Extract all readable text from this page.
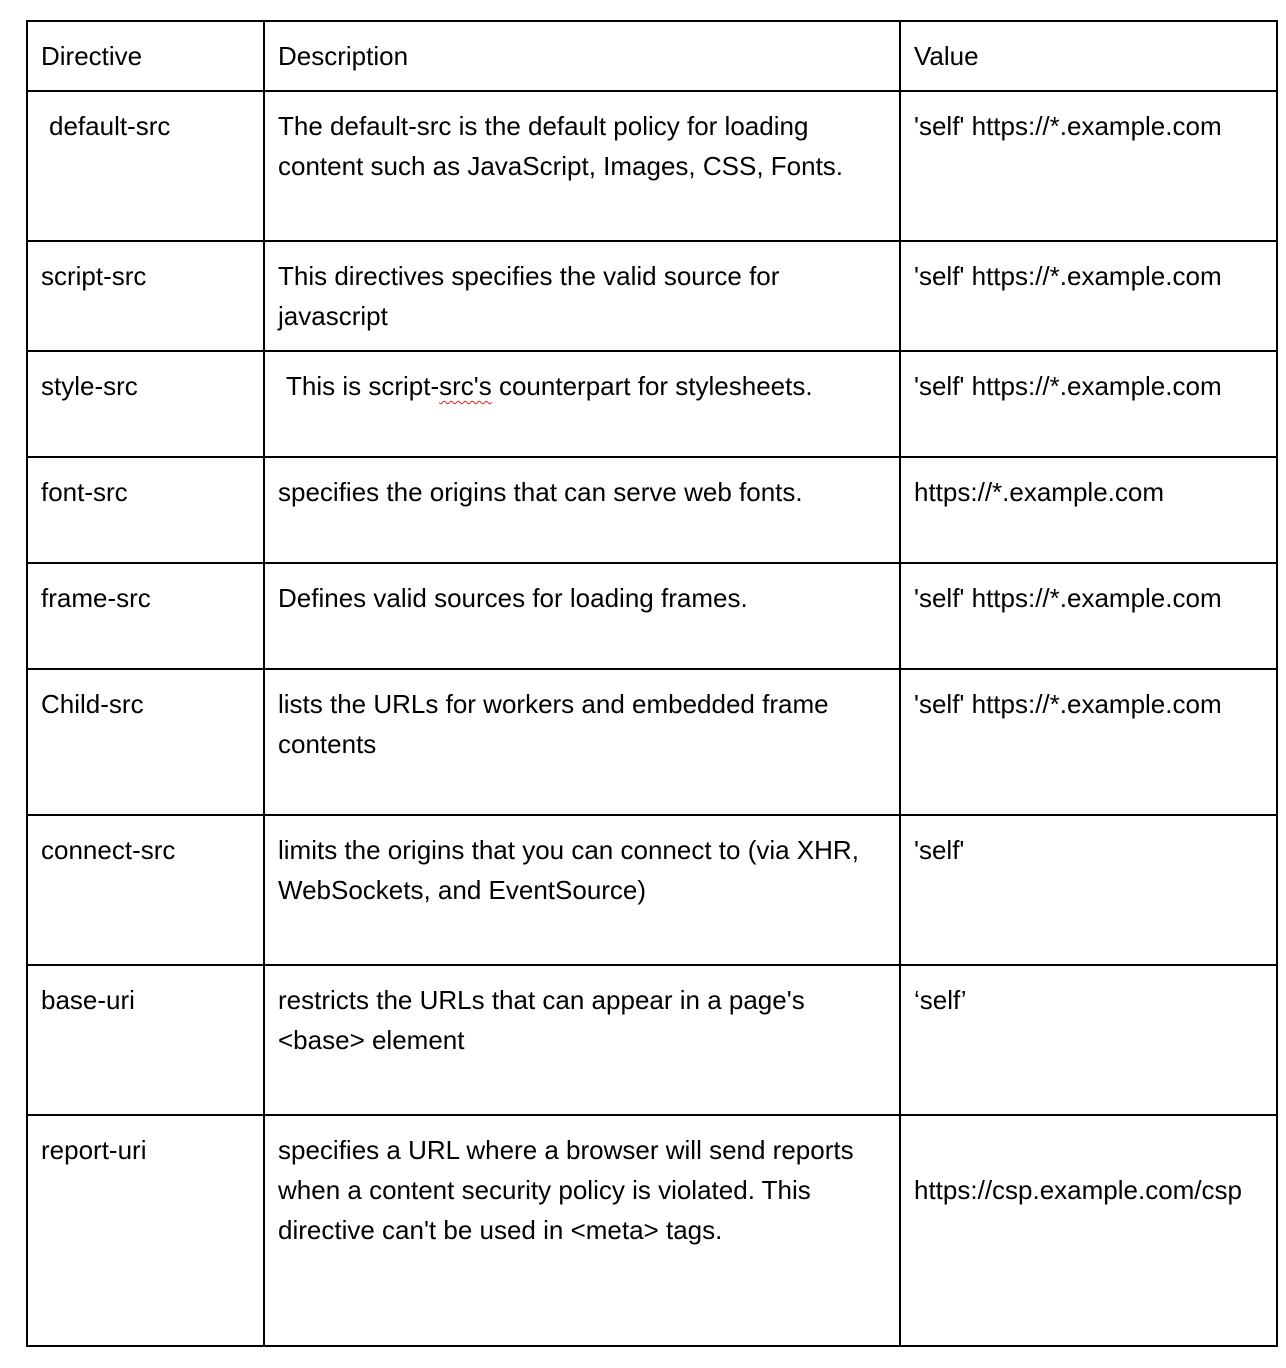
Directive	Description	Value
default-src	The default-src is the default policy for loading content such as JavaScript, Images, CSS, Fonts.	'self' https://*.example.com
script-src	This directives specifies the valid source for javascript	'self' https://*.example.com
style-src	This is script-src's counterpart for stylesheets.	'self' https://*.example.com
font-src	specifies the origins that can serve web fonts.	https://*.example.com
frame-src	Defines valid sources for loading frames.	'self' https://*.example.com
Child-src	lists the URLs for workers and embedded frame contents	'self' https://*.example.com
connect-src	limits the origins that you can connect to (via XHR, WebSockets, and EventSource)	'self'
base-uri	restricts the URLs that can appear in a page's <base> element	‘self’
report-uri	specifies a URL where a browser will send reports when a content security policy is violated. This directive can't be used in <meta> tags.	https://csp.example.com/csp
